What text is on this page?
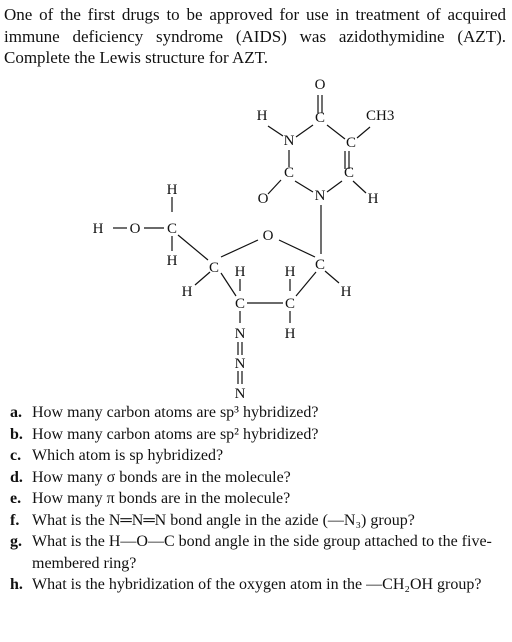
One of the first drugs to be approved for use in treatment of acquired immune deficiency syndrome (AIDS) was azidothymidine (AZT). Complete the Lewis structure for AZT.

O
H
N
C	CH3
C
C	C
H
O	N
H
H O C
H
O
C	C
H	H
H
H
C	C
H
N
N
N
a. How many carbon atoms are sp³ hybridized?
b. How many carbon atoms are sp² hybridized?
c. Which atom is sp hybridized?
d. How many σ bonds are in the molecule?
e. How many π bonds are in the molecule?
f. What is the N═N═N bond angle in the azide (—N₃) group?
g. What is the H—O—C bond angle in the side group attached to the five-membered ring?
h. What is the hybridization of the oxygen atom in the —CH₂OH group?
